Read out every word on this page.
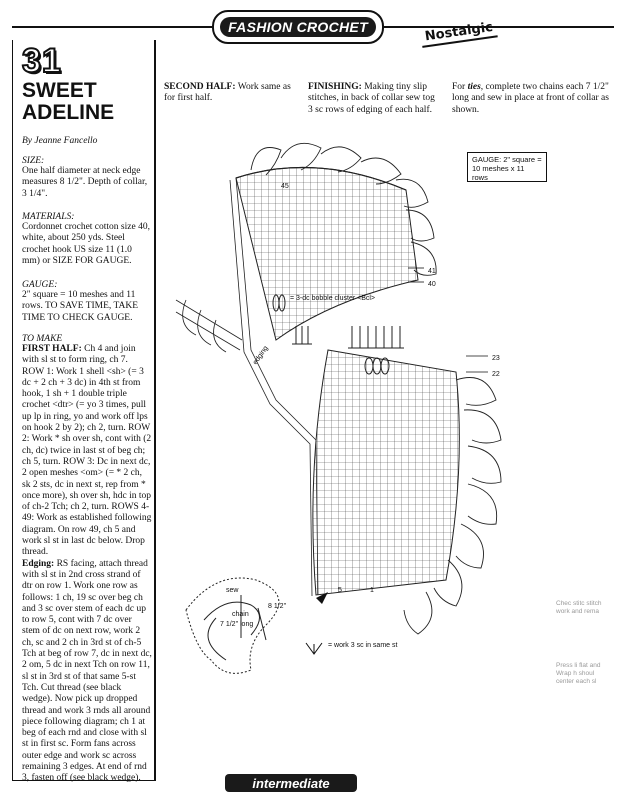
FASHION CROCHET	Nostalgic
31
SWEET
ADELINE
By Jeanne Fancello
SIZE:
One half diameter at neck edge measures 8 1/2". Depth of collar, 3 1/4".
MATERIALS:
Cordonnet crochet cotton size 40, white, about 250 yds. Steel crochet hook US size 11 (1.0 mm) or SIZE FOR GAUGE.
GAUGE:
2" square = 10 meshes and 11 rows. TO SAVE TIME, TAKE TIME TO CHECK GAUGE.
TO MAKE
FIRST HALF: Ch 4 and join with sl st to form ring, ch 7. ROW 1: Work 1 shell <sh> (= 3 dc + 2 ch + 3 dc) in 4th st from hook, 1 sh + 1 double triple crochet <dtr> (= yo 3 times, pull up lp in ring, yo and work off lps on hook 2 by 2); ch 2, turn. ROW 2: Work * sh over sh, cont with (2 ch, dc) twice in last st of beg ch; ch 5, turn. ROW 3: Dc in next dc, 2 open meshes <om> (= * 2 ch, sk 2 sts, dc in next st, rep from * once more), sh over sh, hdc in top of ch-2 Tch; ch 2, turn. ROWS 4-49: Work as established following diagram. On row 49, ch 5 and work sl st in last dc below. Drop thread.
Edging: RS facing, attach thread with sl st in 2nd cross strand of dtr on row 1. Work one row as follows: 1 ch, 19 sc over beg ch and 3 sc over stem of each dc up to row 5, cont with 7 dc over stem of dc on next row, work 2 ch, sc and 2 ch in 3rd st of ch-5 Tch at beg of row 7, dc in next dc, 2 om, 5 dc in next Tch on row 11, sl st in 3rd st of that same 5-st Tch. Cut thread (see black wedge). Now pick up dropped thread and work 3 rnds all around piece following diagram; ch 1 at beg of each rnd and close with sl st in first sc. Form fans across outer edge and work sc across remaining 3 edges. At end of rnd 3, fasten off (see black wedge).
SECOND HALF: Work same as for first half.
FINISHING: Making tiny slip stitches, in back of collar sew tog 3 sc rows of edging of each half.
For ties, complete two chains each 7 1/2" long and sew in place at front of collar as shown.
= 3-dc bobble cluster <Bcl>
45
41
40
23
22
5	1
edging
sew
chain
7 1/2" long
8 1/2"
= work 3 sc in same st
GAUGE: 2" square = 10 meshes x 11 rows
Chec stitc stitch work and rema
Press li flat and Wrap h shoul center each sl
intermediate
